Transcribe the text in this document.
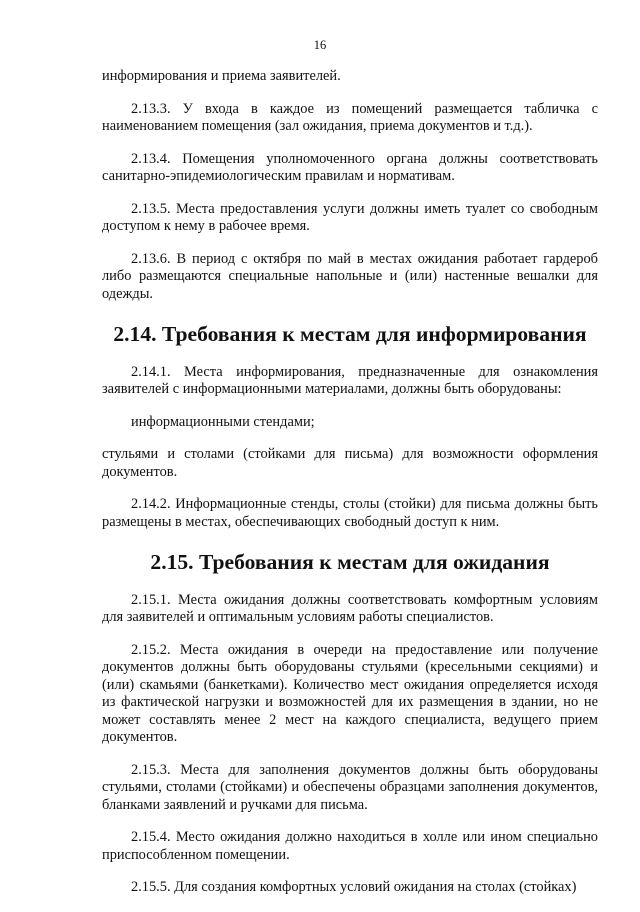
16

информирования и приема заявителей.

2.13.3. У входа в каждое из помещений размещается табличка с наименованием помещения (зал ожидания, приема документов и т.д.).

2.13.4. Помещения уполномоченного органа должны соответствовать санитарно-эпидемиологическим правилам и нормативам.

2.13.5. Места предоставления услуги должны иметь туалет со свободным доступом к нему в рабочее время.

2.13.6. В период с октября по май в местах ожидания работает гардероб либо размещаются специальные напольные и (или) настенные вешалки для одежды.

2.14. Требования к местам для информирования

2.14.1. Места информирования, предназначенные для ознакомления заявителей с информационными материалами, должны быть оборудованы:

информационными стендами;

стульями и столами (стойками для письма) для возможности оформления документов.

2.14.2. Информационные стенды, столы (стойки) для письма должны быть размещены в местах, обеспечивающих свободный доступ к ним.

2.15. Требования к местам для ожидания

2.15.1. Места ожидания должны соответствовать комфортным условиям для заявителей и оптимальным условиям работы специалистов.

2.15.2. Места ожидания в очереди на предоставление или получение документов должны быть оборудованы стульями (кресельными секциями) и (или) скамьями (банкетками). Количество мест ожидания определяется исходя из фактической нагрузки и возможностей для их размещения в здании, но не может составлять менее 2 мест на каждого специалиста, ведущего прием документов.

2.15.3. Места для заполнения документов должны быть оборудованы стульями, столами (стойками) и обеспечены образцами заполнения документов, бланками заявлений и ручками для письма.

2.15.4. Место ожидания должно находиться в холле или ином специально приспособленном помещении.

2.15.5. Для создания комфортных условий ожидания на столах (стойках)
